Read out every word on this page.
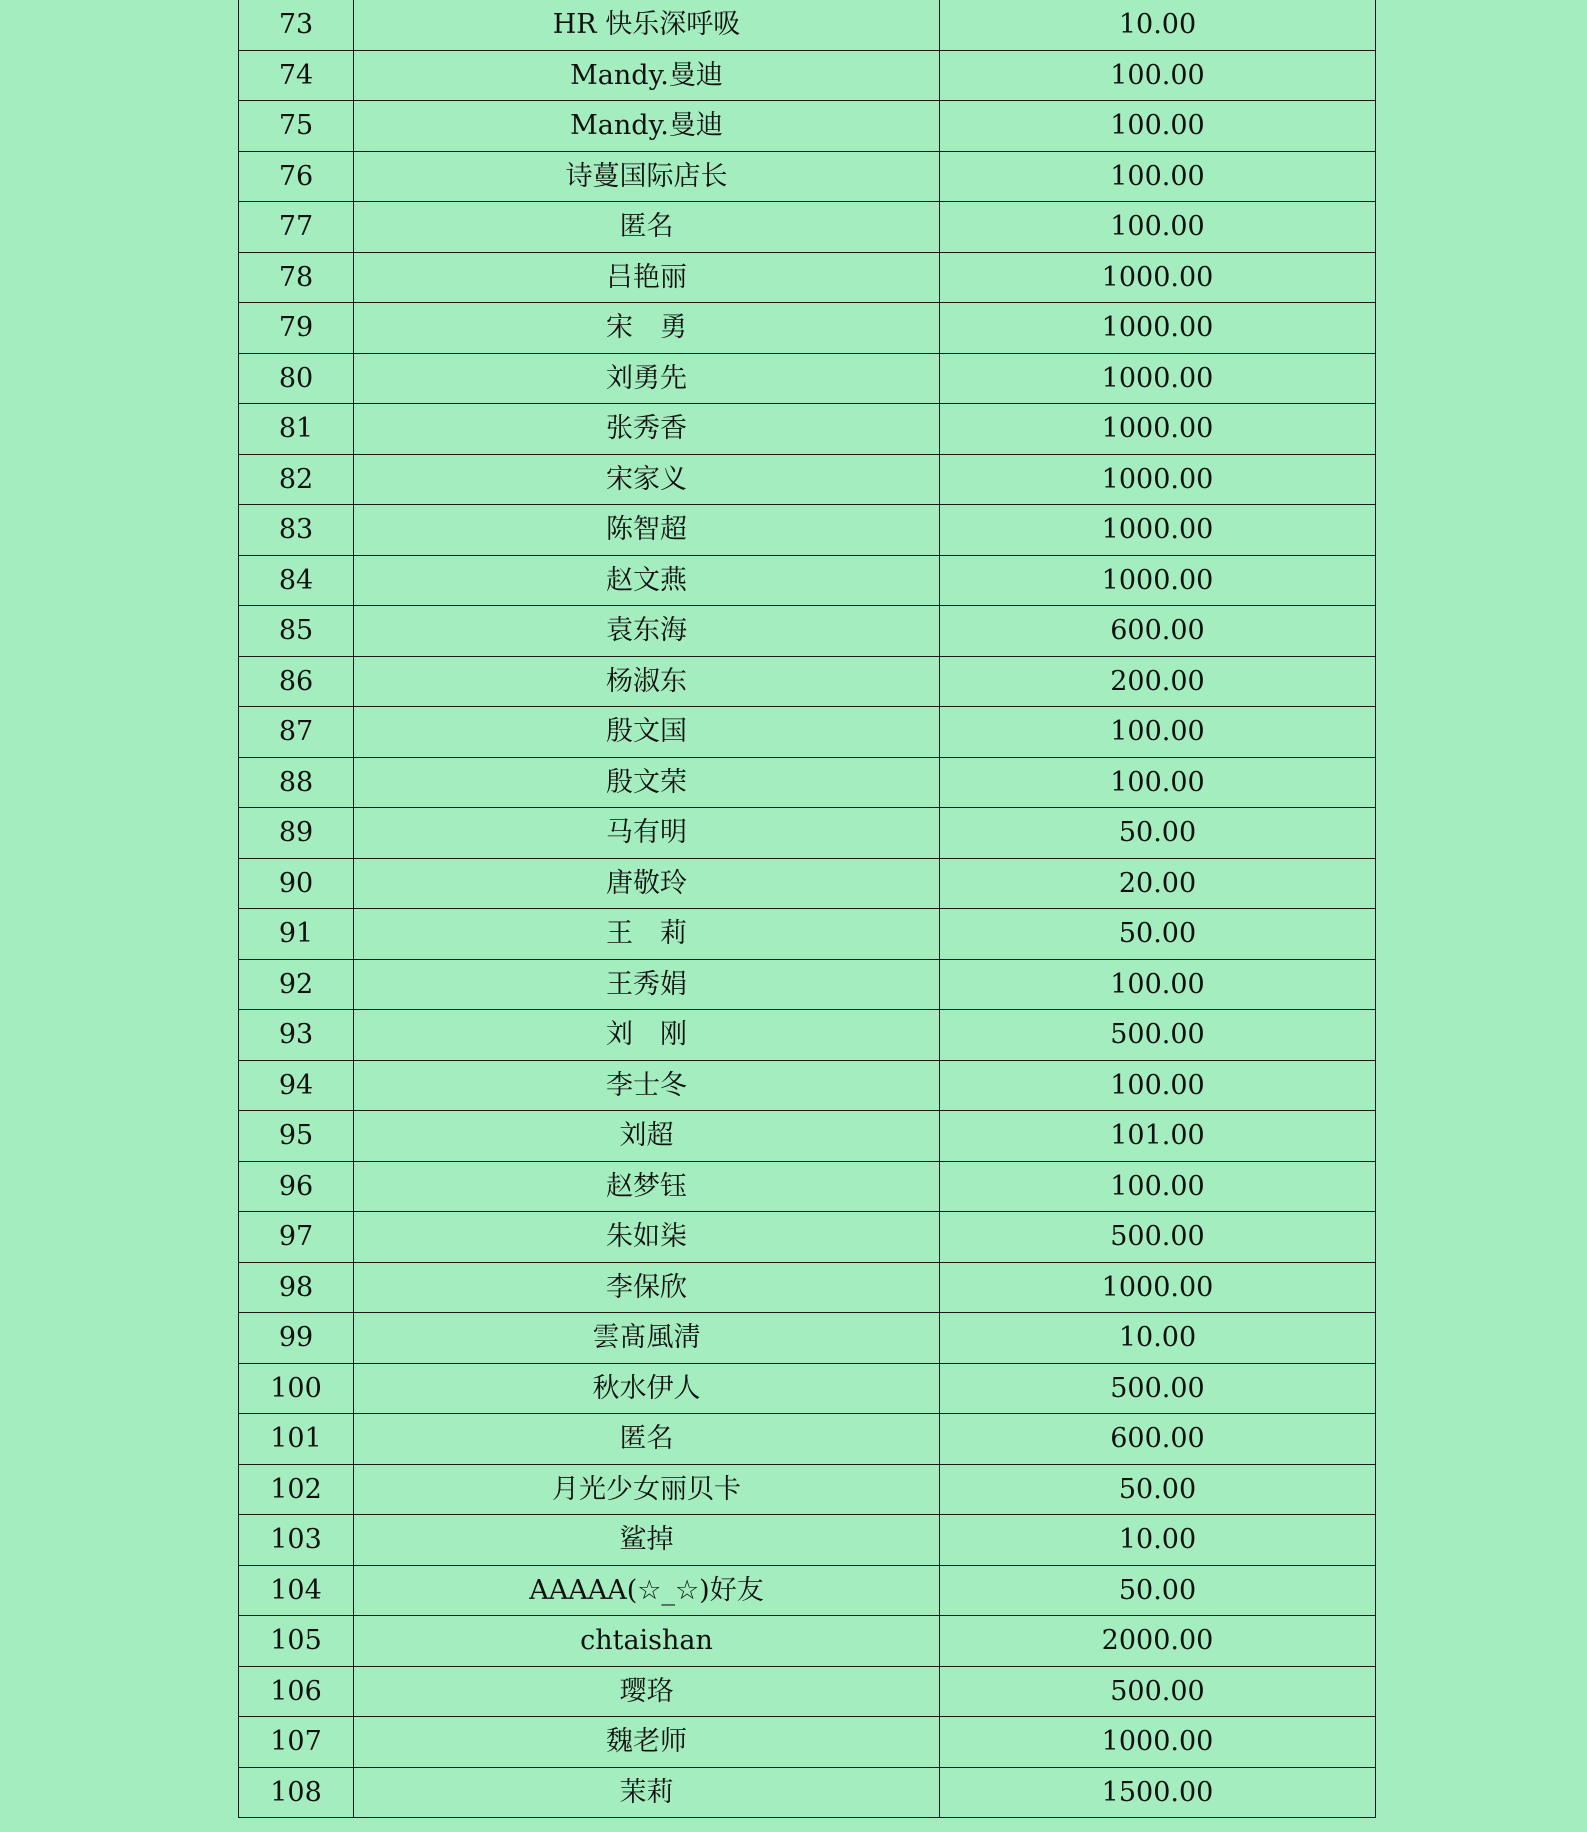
73	HR 快乐深呼吸	10.00
74	Mandy.曼迪	100.00
75	Mandy.曼迪	100.00
76	诗蔓国际店长	100.00
77	匿名	100.00
78	吕艳丽	1000.00
79	宋　勇	1000.00
80	刘勇先	1000.00
81	张秀香	1000.00
82	宋家义	1000.00
83	陈智超	1000.00
84	赵文燕	1000.00
85	袁东海	600.00
86	杨淑东	200.00
87	殷文国	100.00
88	殷文荣	100.00
89	马有明	50.00
90	唐敬玲	20.00
91	王　莉	50.00
92	王秀娟	100.00
93	刘　刚	500.00
94	李士冬	100.00
95	刘超	101.00
96	赵梦钰	100.00
97	朱如柒	500.00
98	李保欣	1000.00
99	雲髙風淸	10.00
100	秋水伊人	500.00
101	匿名	600.00
102	月光少女丽贝卡	50.00
103	鲨掉	10.00
104	AAAAA(☆_☆)好友	50.00
105	chtaishan	2000.00
106	璎珞	500.00
107	魏老师	1000.00
108	茉莉	1500.00
